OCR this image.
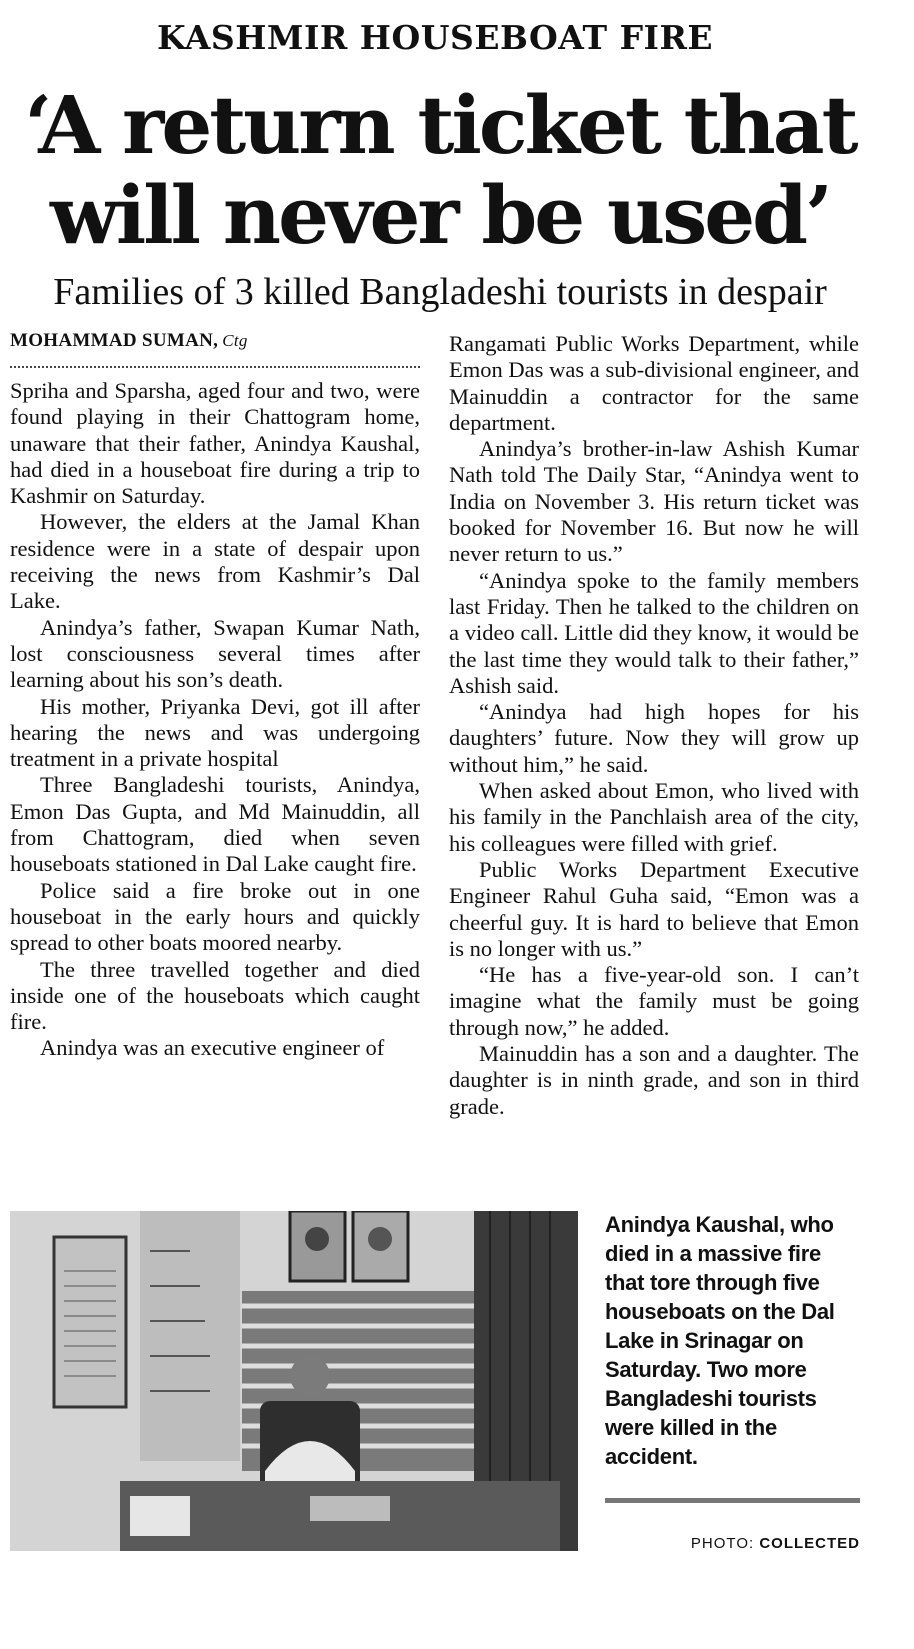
KASHMIR HOUSEBOAT FIRE
‘A return ticket that
will never be used’
Families of 3 killed Bangladeshi tourists in despair
MOHAMMAD SUMAN, Ctg

Spriha and Sparsha, aged four and two, were found playing in their Chattogram home, unaware that their father, Anindya Kaushal, had died in a houseboat fire during a trip to Kashmir on Saturday.

However, the elders at the Jamal Khan residence were in a state of despair upon receiving the news from Kashmir’s Dal Lake.

Anindya’s father, Swapan Kumar Nath, lost consciousness several times after learning about his son’s death.

His mother, Priyanka Devi, got ill after hearing the news and was undergoing treatment in a private hospital

Three Bangladeshi tourists, Anindya, Emon Das Gupta, and Md Mainuddin, all from Chattogram, died when seven houseboats stationed in Dal Lake caught fire.

Police said a fire broke out in one houseboat in the early hours and quickly spread to other boats moored nearby.

The three travelled together and died inside one of the houseboats which caught fire.

Anindya was an executive engineer of

Rangamati Public Works Department, while Emon Das was a sub-divisional engineer, and Mainuddin a contractor for the same department.

Anindya’s brother-in-law Ashish Kumar Nath told The Daily Star, “Anindya went to India on November 3. His return ticket was booked for November 16. But now he will never return to us.”

“Anindya spoke to the family members last Friday. Then he talked to the children on a video call. Little did they know, it would be the last time they would talk to their father,” Ashish said.

“Anindya had high hopes for his daughters’ future. Now they will grow up without him,” he said.

When asked about Emon, who lived with his family in the Panchlaish area of the city, his colleagues were filled with grief.

Public Works Department Executive Engineer Rahul Guha said, “Emon was a cheerful guy. It is hard to believe that Emon is no longer with us.”

“He has a five-year-old son. I can’t imagine what the family must be going through now,” he added.

Mainuddin has a son and a daughter. The daughter is in ninth grade, and son in third grade.

Anindya Kaushal, who died in a massive fire that tore through five houseboats on the Dal Lake in Srinagar on Saturday. Two more Bangladeshi tourists were killed in the accident.
PHOTO: COLLECTED
